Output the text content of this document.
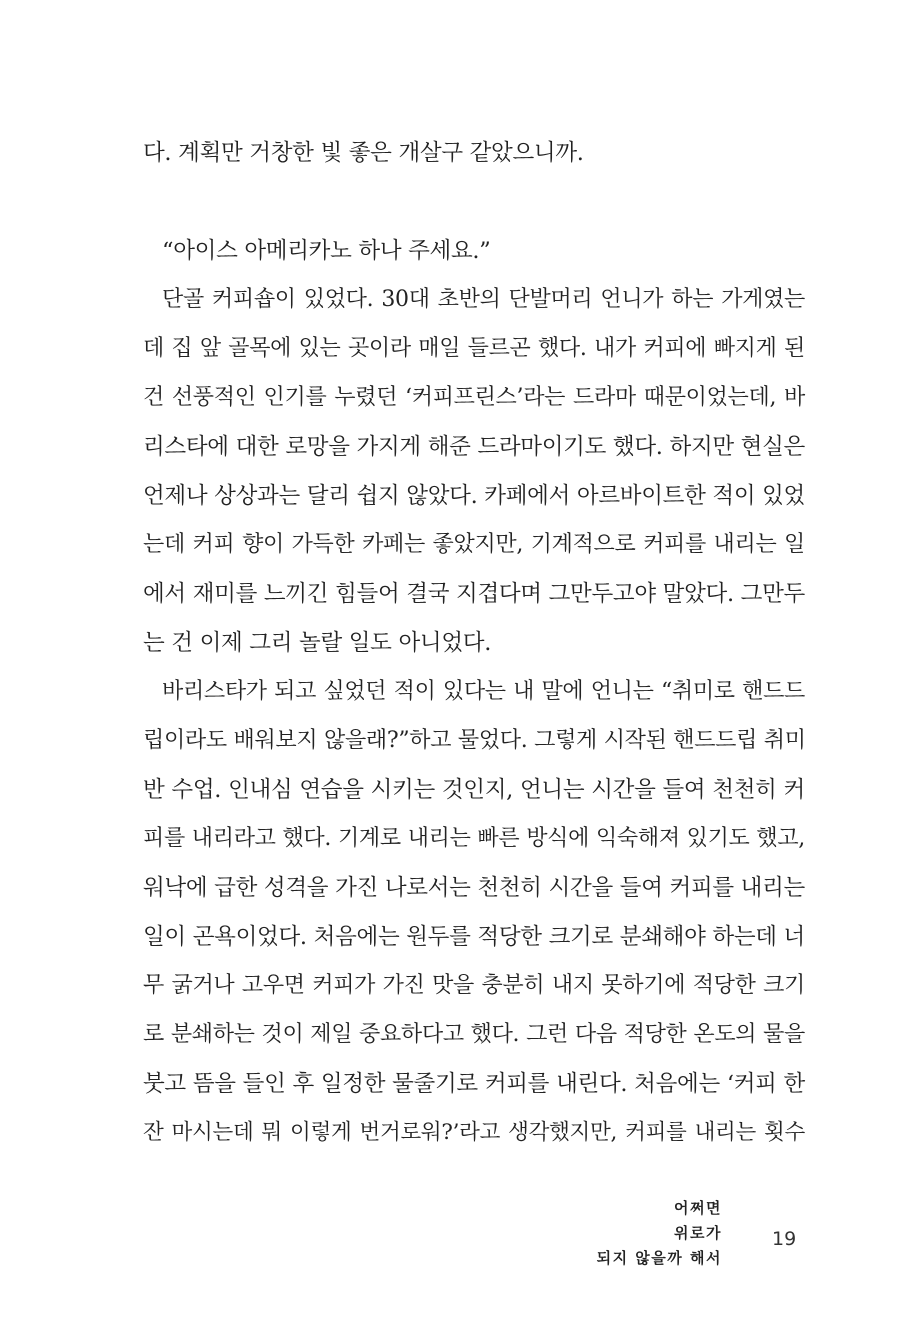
다. 계획만 거창한 빛 좋은 개살구 같았으니까.
“아이스 아메리카노 하나 주세요.”
단골 커피숍이 있었다. 30대 초반의 단발머리 언니가 하는 가게였는
데 집 앞 골목에 있는 곳이라 매일 들르곤 했다. 내가 커피에 빠지게 된
건 선풍적인 인기를 누렸던 ‘커피프린스’라는 드라마 때문이었는데, 바
리스타에 대한 로망을 가지게 해준 드라마이기도 했다. 하지만 현실은
언제나 상상과는 달리 쉽지 않았다. 카페에서 아르바이트한 적이 있었
는데 커피 향이 가득한 카페는 좋았지만, 기계적으로 커피를 내리는 일
에서 재미를 느끼긴 힘들어 결국 지겹다며 그만두고야 말았다. 그만두
는 건 이제 그리 놀랄 일도 아니었다.
바리스타가 되고 싶었던 적이 있다는 내 말에 언니는 “취미로 핸드드
립이라도 배워보지 않을래?”하고 물었다. 그렇게 시작된 핸드드립 취미
반 수업. 인내심 연습을 시키는 것인지, 언니는 시간을 들여 천천히 커
피를 내리라고 했다. 기계로 내리는 빠른 방식에 익숙해져 있기도 했고,
워낙에 급한 성격을 가진 나로서는 천천히 시간을 들여 커피를 내리는
일이 곤욕이었다. 처음에는 원두를 적당한 크기로 분쇄해야 하는데 너
무 굵거나 고우면 커피가 가진 맛을 충분히 내지 못하기에 적당한 크기
로 분쇄하는 것이 제일 중요하다고 했다. 그런 다음 적당한 온도의 물을
붓고 뜸을 들인 후 일정한 물줄기로 커피를 내린다. 처음에는 ‘커피 한
잔 마시는데 뭐 이렇게 번거로워?’라고 생각했지만, 커피를 내리는 횟수
어쩌면
위로가
되지 않을까 해서
19
